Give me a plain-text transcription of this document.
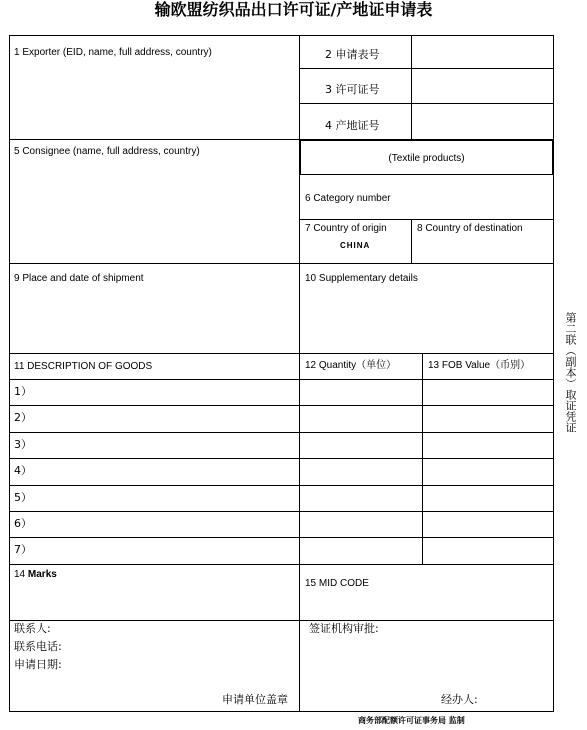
输欧盟纺织品出口许可证/产地证申请表
1 Exporter (EID, name, full address, country)	2 申请表号
3 许可证号
4 产地证号
5 Consignee (name, full address, country)
(Textile products)
6 Category number
7 Country of origin
CHINA
8 Country of destination
9 Place and date of shipment	10 Supplementary details
11 DESCRIPTION OF GOODS	12 Quantity（单位）	13 FOB Value（币别）
1）
2）
3）
4）
5）
6）
7）
14 Marks
15 MID CODE
联系人:
联系电话:
申请日期:
申请单位盖章
签证机构审批:
经办人:
第二联（副本）取证凭证
商务部配额许可证事务局 监制
